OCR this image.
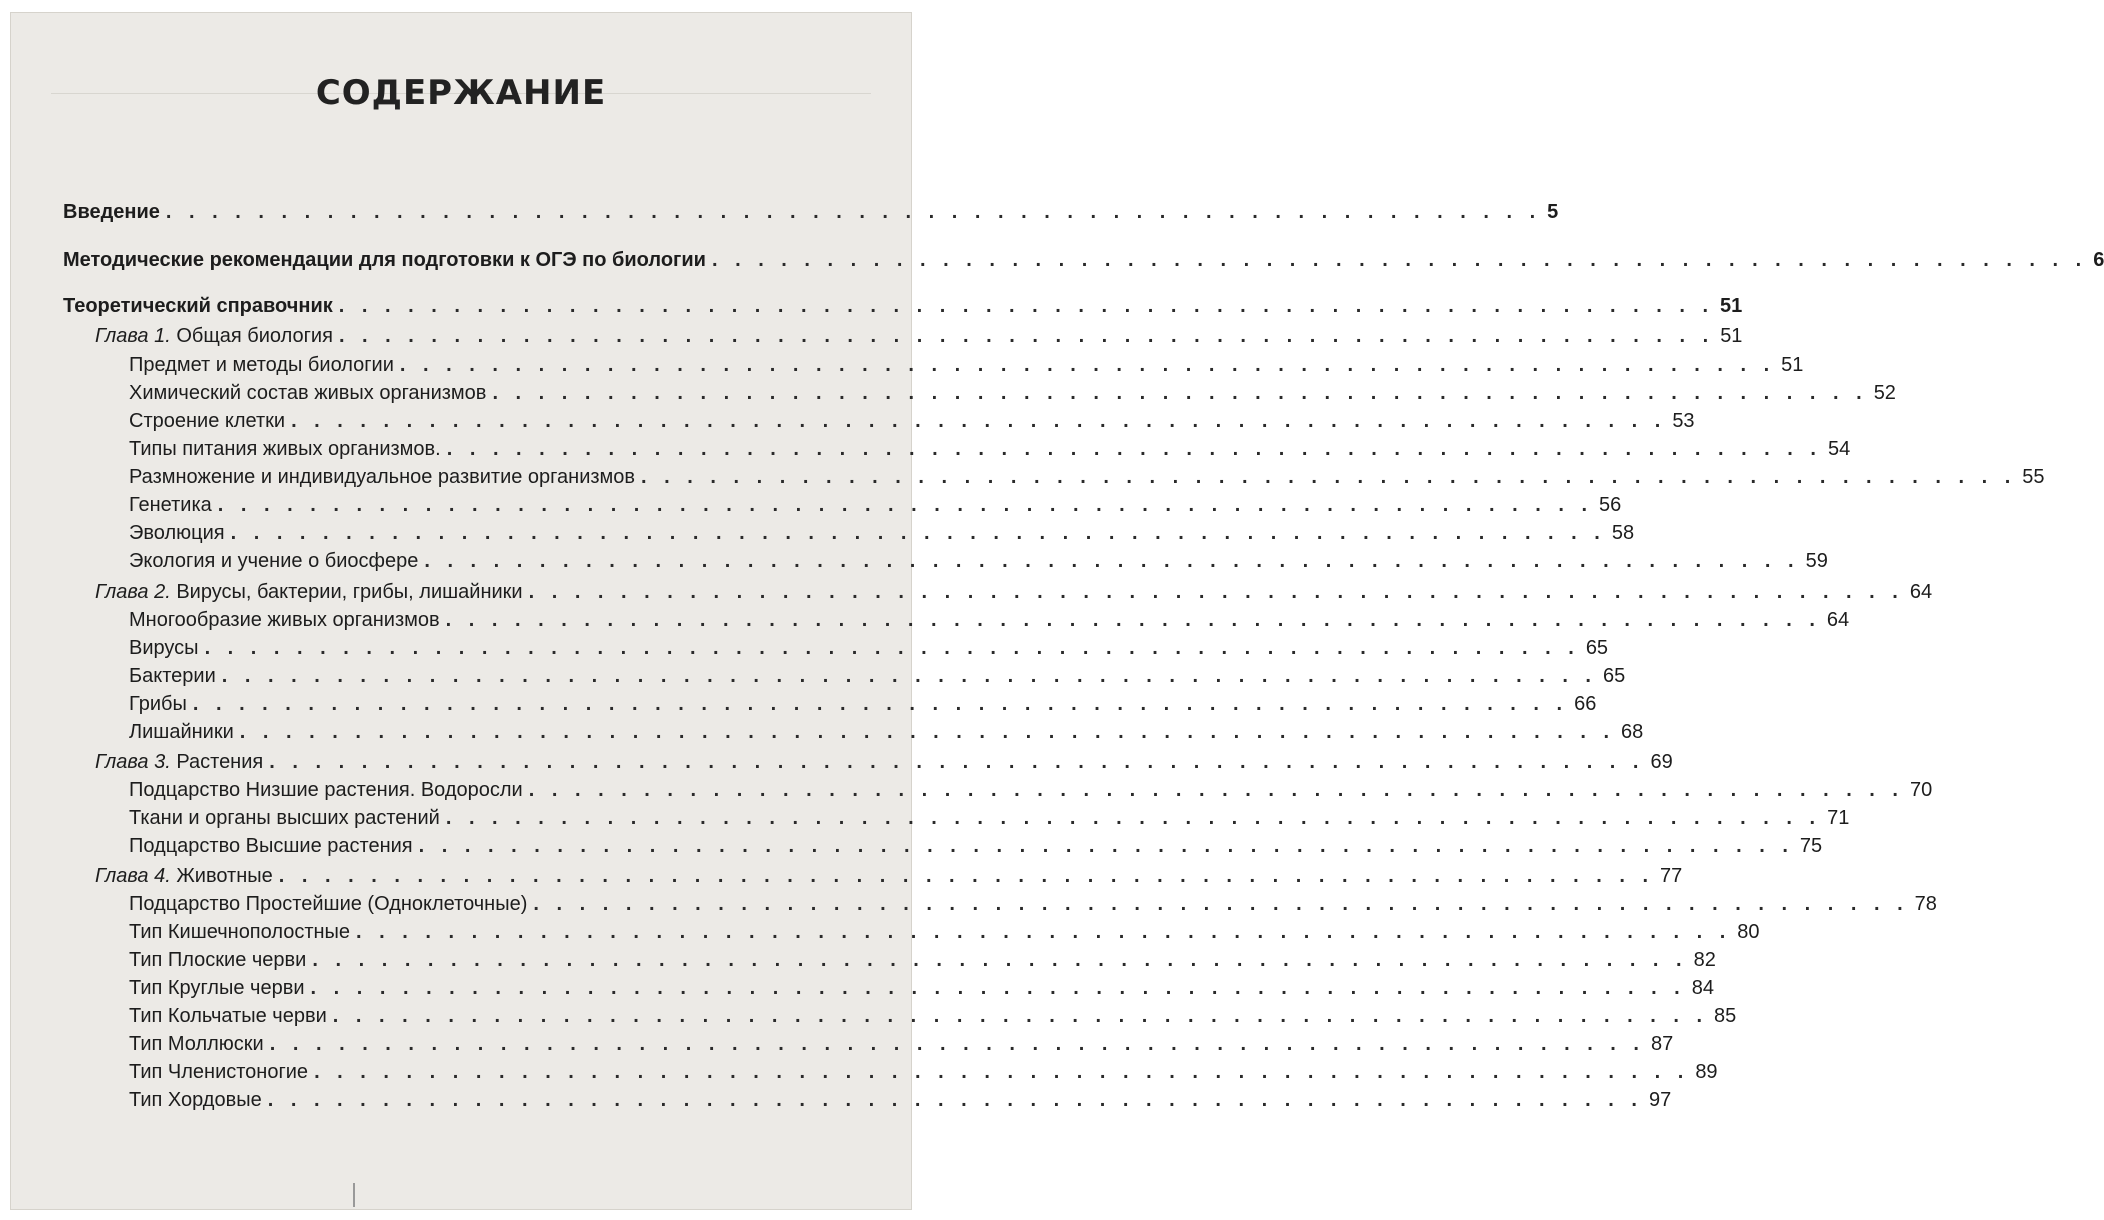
СОДЕРЖАНИЕ
Введение . . . . . . . . . . . . . . . . . . . . . . . . . . . . . . . . . . . . . . . . . . . . . . . . . . . . . . . . . . . . 5
Методические рекомендации для подготовки к ОГЭ по биологии . . . . . . . . . . . . . . . . . . . . . . . . . . . . . . . . . . . . . . . . . . . . . . . . . . . . . . . . . . . . 6
Теоретический справочник . . . . . . . . . . . . . . . . . . . . . . . . . . . . . . . . . . . . . . . . . . . . . . . . . . . . . . . . . . . . 51
Глава 1. Общая биология . . . . . . . . . . . . . . . . . . . . . . . . . . . . . . . . . . . . . . . . . . . . . . . . . . . . . . . . . . . . 51
Предмет и методы биологии . . . . . . . . . . . . . . . . . . . . . . . . . . . . . . . . . . . . . . . . . . . . . . . . . . . . . . . . . . . . 51
Химический состав живых организмов . . . . . . . . . . . . . . . . . . . . . . . . . . . . . . . . . . . . . . . . . . . . . . . . . . . . . . . . . . . . 52
Строение клетки . . . . . . . . . . . . . . . . . . . . . . . . . . . . . . . . . . . . . . . . . . . . . . . . . . . . . . . . . . . . 53
Типы питания живых организмов. . . . . . . . . . . . . . . . . . . . . . . . . . . . . . . . . . . . . . . . . . . . . . . . . . . . . . . . . . . . . 54
Размножение и индивидуальное развитие организмов . . . . . . . . . . . . . . . . . . . . . . . . . . . . . . . . . . . . . . . . . . . . . . . . . . . . . . . . . . . . 55
Генетика . . . . . . . . . . . . . . . . . . . . . . . . . . . . . . . . . . . . . . . . . . . . . . . . . . . . . . . . . . . . 56
Эволюция . . . . . . . . . . . . . . . . . . . . . . . . . . . . . . . . . . . . . . . . . . . . . . . . . . . . . . . . . . . . 58
Экология и учение о биосфере . . . . . . . . . . . . . . . . . . . . . . . . . . . . . . . . . . . . . . . . . . . . . . . . . . . . . . . . . . . . 59
Глава 2. Вирусы, бактерии, грибы, лишайники . . . . . . . . . . . . . . . . . . . . . . . . . . . . . . . . . . . . . . . . . . . . . . . . . . . . . . . . . . . . 64
Многообразие живых организмов . . . . . . . . . . . . . . . . . . . . . . . . . . . . . . . . . . . . . . . . . . . . . . . . . . . . . . . . . . . . 64
Вирусы . . . . . . . . . . . . . . . . . . . . . . . . . . . . . . . . . . . . . . . . . . . . . . . . . . . . . . . . . . . . 65
Бактерии . . . . . . . . . . . . . . . . . . . . . . . . . . . . . . . . . . . . . . . . . . . . . . . . . . . . . . . . . . . . 65
Грибы . . . . . . . . . . . . . . . . . . . . . . . . . . . . . . . . . . . . . . . . . . . . . . . . . . . . . . . . . . . . 66
Лишайники . . . . . . . . . . . . . . . . . . . . . . . . . . . . . . . . . . . . . . . . . . . . . . . . . . . . . . . . . . . . 68
Глава 3. Растения . . . . . . . . . . . . . . . . . . . . . . . . . . . . . . . . . . . . . . . . . . . . . . . . . . . . . . . . . . . . 69
Подцарство Низшие растения. Водоросли . . . . . . . . . . . . . . . . . . . . . . . . . . . . . . . . . . . . . . . . . . . . . . . . . . . . . . . . . . . . 70
Ткани и органы высших растений . . . . . . . . . . . . . . . . . . . . . . . . . . . . . . . . . . . . . . . . . . . . . . . . . . . . . . . . . . . . 71
Подцарство Высшие растения . . . . . . . . . . . . . . . . . . . . . . . . . . . . . . . . . . . . . . . . . . . . . . . . . . . . . . . . . . . . 75
Глава 4. Животные . . . . . . . . . . . . . . . . . . . . . . . . . . . . . . . . . . . . . . . . . . . . . . . . . . . . . . . . . . . . 77
Подцарство Простейшие (Одноклеточные) . . . . . . . . . . . . . . . . . . . . . . . . . . . . . . . . . . . . . . . . . . . . . . . . . . . . . . . . . . . . 78
Тип Кишечнополостные . . . . . . . . . . . . . . . . . . . . . . . . . . . . . . . . . . . . . . . . . . . . . . . . . . . . . . . . . . . . 80
Тип Плоские черви . . . . . . . . . . . . . . . . . . . . . . . . . . . . . . . . . . . . . . . . . . . . . . . . . . . . . . . . . . . . 82
Тип Круглые черви . . . . . . . . . . . . . . . . . . . . . . . . . . . . . . . . . . . . . . . . . . . . . . . . . . . . . . . . . . . . 84
Тип Кольчатые черви . . . . . . . . . . . . . . . . . . . . . . . . . . . . . . . . . . . . . . . . . . . . . . . . . . . . . . . . . . . . 85
Тип Моллюски . . . . . . . . . . . . . . . . . . . . . . . . . . . . . . . . . . . . . . . . . . . . . . . . . . . . . . . . . . . . 87
Тип Членистоногие . . . . . . . . . . . . . . . . . . . . . . . . . . . . . . . . . . . . . . . . . . . . . . . . . . . . . . . . . . . . 89
Тип Хордовые . . . . . . . . . . . . . . . . . . . . . . . . . . . . . . . . . . . . . . . . . . . . . . . . . . . . . . . . . . . . 97
